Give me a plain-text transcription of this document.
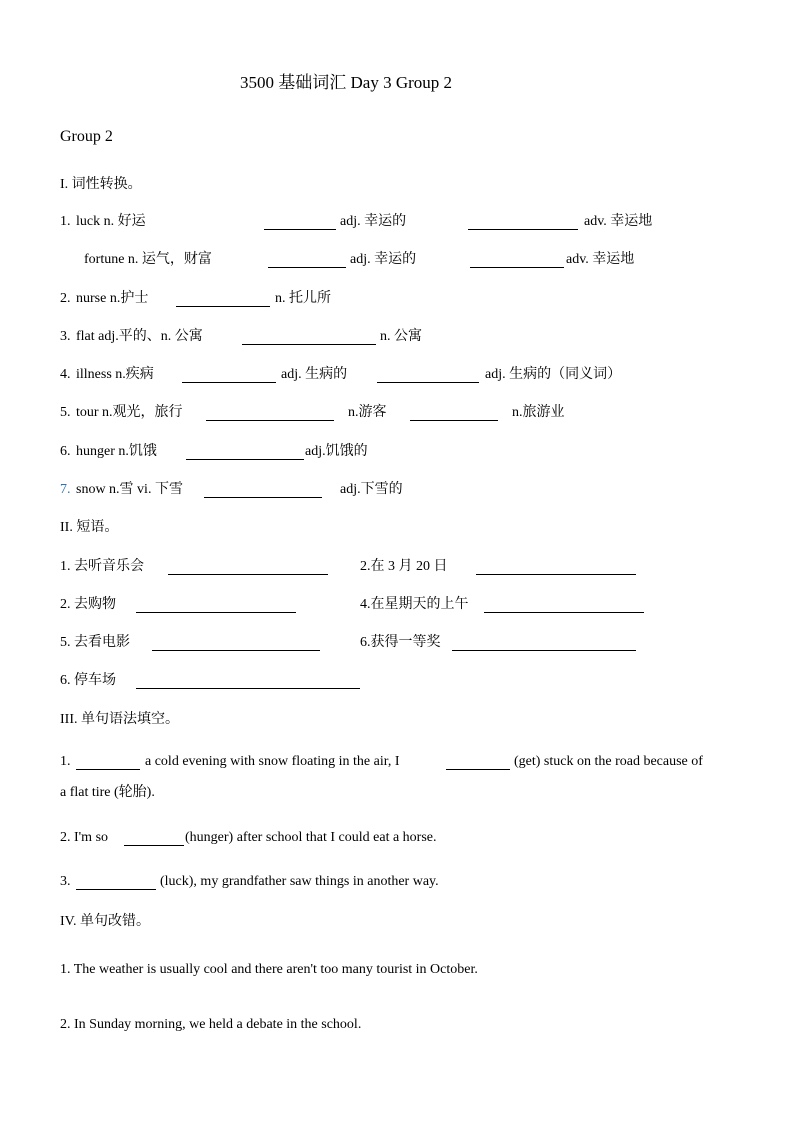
3500 基础词汇 Day 3 Group 2
Group 2
I. 词性转换。
1. luck n. 好运	adj. 幸运的	adv. 幸运地
fortune n. 运气，财富	adj. 幸运的	adv. 幸运地
2. nurse n.护士	n. 托儿所
3. flat adj.平的、n. 公寓	n. 公寓
4. illness n.疾病	adj. 生病的	adj. 生病的（同义词）
5. tour n.观光，旅行	n.游客	n.旅游业
6. hunger n.饥饿	adj.饥饿的
7. snow n.雪 vi. 下雪	adj.下雪的
II. 短语。
1. 去听音乐会	2.在 3 月 20 日
2. 去购物	4.在星期天的上午
5. 去看电影	6.获得一等奖
6. 停车场
III. 单句语法填空。
1.	a cold evening with snow floating in the air, I	(get) stuck on the road because of
a flat tire (轮胎).
2. I'm so	(hunger) after school that I could eat a horse.
3.	(luck), my grandfather saw things in another way.
IV. 单句改错。
1. The weather is usually cool and there aren't too many tourist in October.
2. In Sunday morning, we held a debate in the school.
